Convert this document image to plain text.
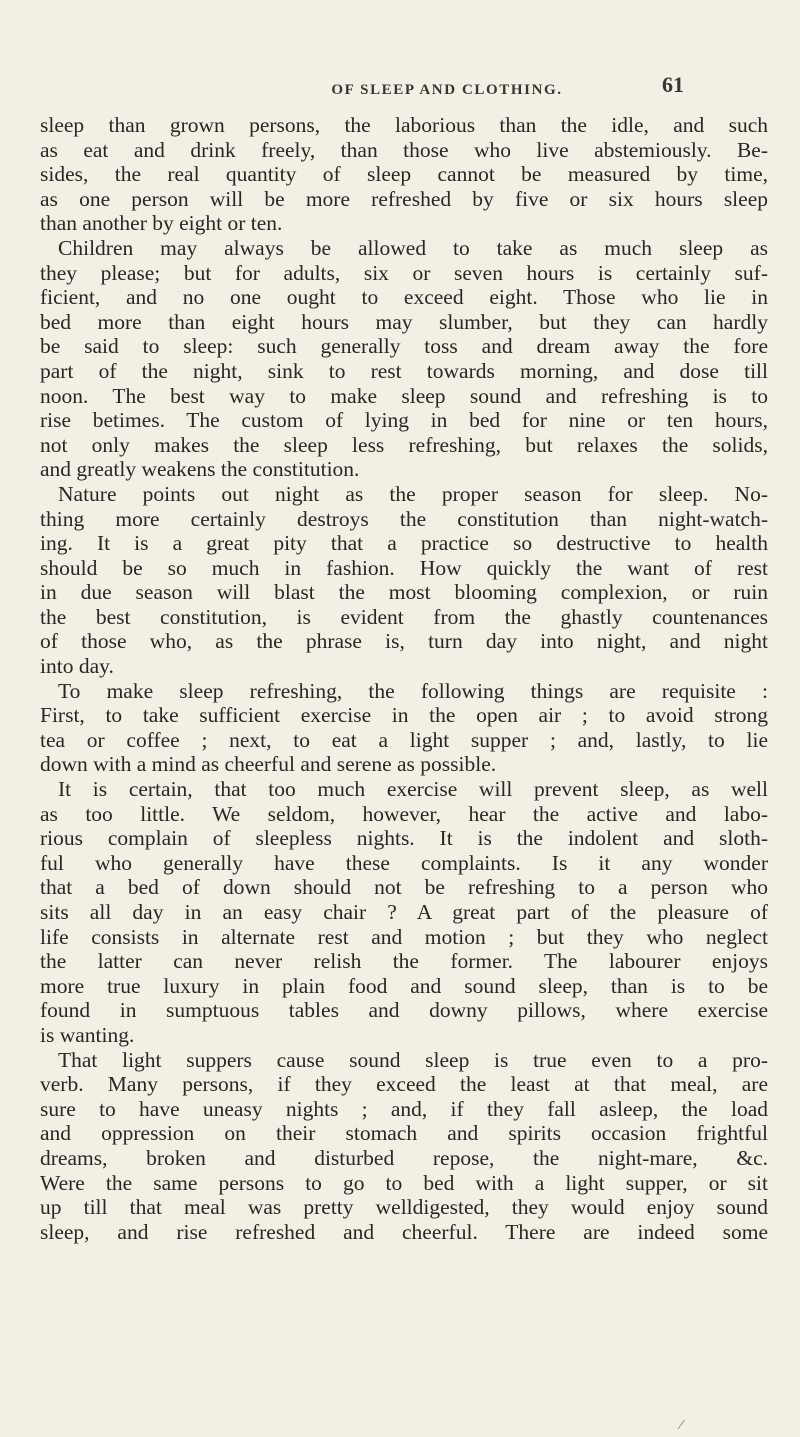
OF SLEEP AND CLOTHING.	61
sleep than grown persons, the laborious than the idle, and such
as eat and drink freely, than those who live abstemiously. Be-
sides, the real quantity of sleep cannot be measured by time,
as one person will be more refreshed by five or six hours sleep
than another by eight or ten.
Children may always be allowed to take as much sleep as
they please; but for adults, six or seven hours is certainly suf-
ficient, and no one ought to exceed eight. Those who lie in
bed more than eight hours may slumber, but they can hardly
be said to sleep: such generally toss and dream away the fore
part of the night, sink to rest towards morning, and dose till
noon. The best way to make sleep sound and refreshing is to
rise betimes. The custom of lying in bed for nine or ten hours,
not only makes the sleep less refreshing, but relaxes the solids,
and greatly weakens the constitution.
Nature points out night as the proper season for sleep. No-
thing more certainly destroys the constitution than night-watch-
ing. It is a great pity that a practice so destructive to health
should be so much in fashion. How quickly the want of rest
in due season will blast the most blooming complexion, or ruin
the best constitution, is evident from the ghastly countenances
of those who, as the phrase is, turn day into night, and night
into day.
To make sleep refreshing, the following things are requisite :
First, to take sufficient exercise in the open air ; to avoid strong
tea or coffee ; next, to eat a light supper ; and, lastly, to lie
down with a mind as cheerful and serene as possible.
It is certain, that too much exercise will prevent sleep, as well
as too little. We seldom, however, hear the active and labo-
rious complain of sleepless nights. It is the indolent and sloth-
ful who generally have these complaints. Is it any wonder
that a bed of down should not be refreshing to a person who
sits all day in an easy chair ? A great part of the pleasure of
life consists in alternate rest and motion ; but they who neglect
the latter can never relish the former. The labourer enjoys
more true luxury in plain food and sound sleep, than is to be
found in sumptuous tables and downy pillows, where exercise
is wanting.
That light suppers cause sound sleep is true even to a pro-
verb. Many persons, if they exceed the least at that meal, are
sure to have uneasy nights ; and, if they fall asleep, the load
and oppression on their stomach and spirits occasion frightful
dreams, broken and disturbed repose, the night-mare, &c.
Were the same persons to go to bed with a light supper, or sit
up till that meal was pretty welldigested, they would enjoy sound
sleep, and rise refreshed and cheerful. There are indeed some
⁄
